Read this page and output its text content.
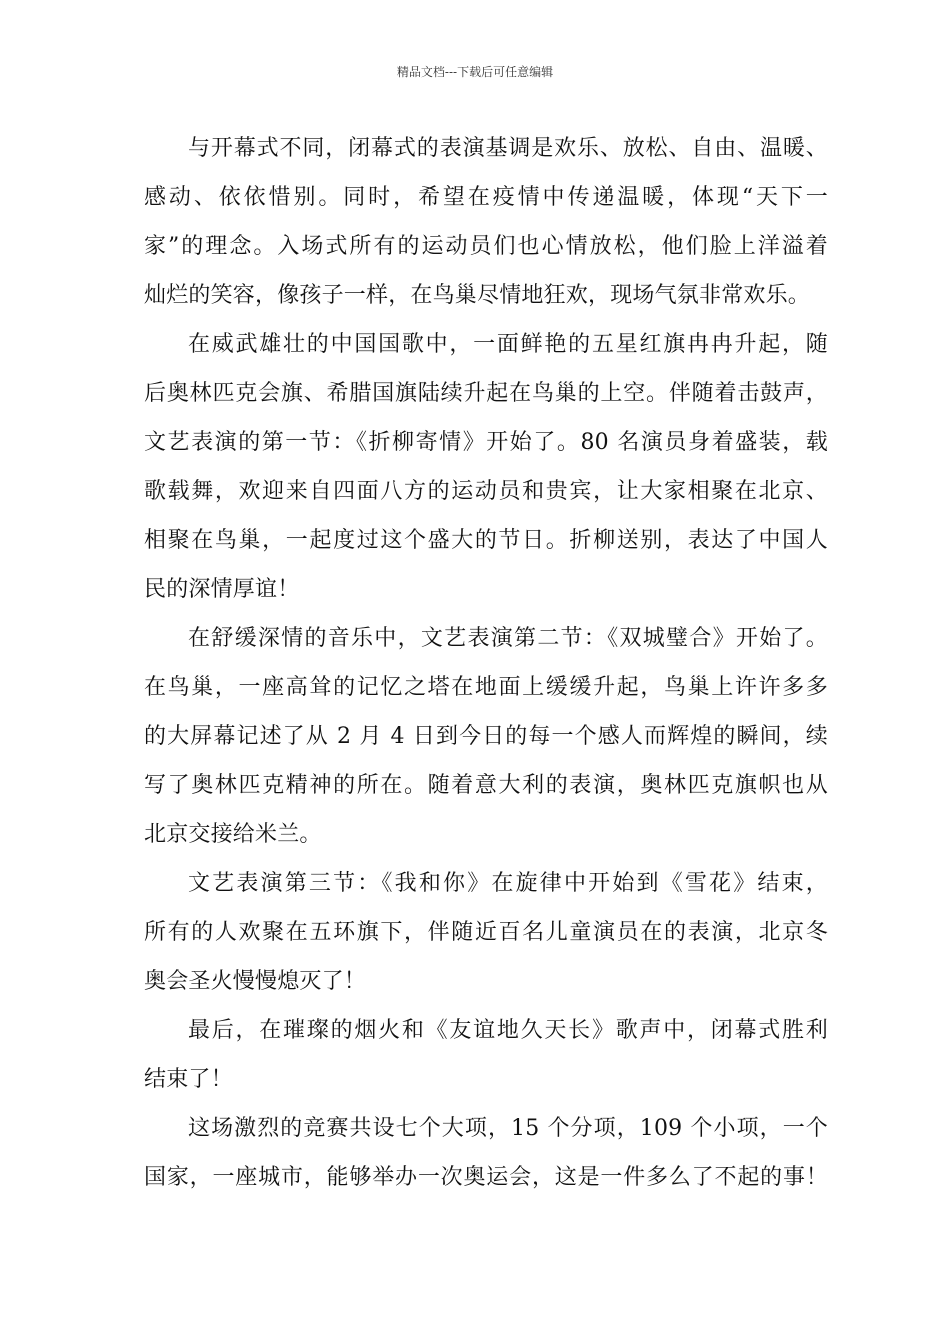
精品文档---下载后可任意编辑

与开幕式不同，闭幕式的表演基调是欢乐、放松、自由、温暖、
感动、依依惜别。同时，希望在疫情中传递温暖，体现“天下一
家”的理念。入场式所有的运动员们也心情放松，他们脸上洋溢着
灿烂的笑容，像孩子一样，在鸟巢尽情地狂欢，现场气氛非常欢乐。

在威武雄壮的中国国歌中，一面鲜艳的五星红旗冉冉升起，随
后奥林匹克会旗、希腊国旗陆续升起在鸟巢的上空。伴随着击鼓声，
文艺表演的第一节：《折柳寄情》开始了。80 名演员身着盛装，载
歌载舞，欢迎来自四面八方的运动员和贵宾，让大家相聚在北京、
相聚在鸟巢，一起度过这个盛大的节日。折柳送别，表达了中国人
民的深情厚谊！

在舒缓深情的音乐中，文艺表演第二节：《双城璧合》开始了。
在鸟巢，一座高耸的记忆之塔在地面上缓缓升起，鸟巢上许许多多
的大屏幕记述了从 2 月 4 日到今日的每一个感人而辉煌的瞬间，续
写了奥林匹克精神的所在。随着意大利的表演，奥林匹克旗帜也从
北京交接给米兰。

文艺表演第三节：《我和你》在旋律中开始到《雪花》结束，
所有的人欢聚在五环旗下，伴随近百名儿童演员在的表演，北京冬
奥会圣火慢慢熄灭了！

最后，在璀璨的烟火和《友谊地久天长》歌声中，闭幕式胜利
结束了！

这场激烈的竞赛共设七个大项，15 个分项，109 个小项，一个
国家，一座城市，能够举办一次奥运会，这是一件多么了不起的事！
